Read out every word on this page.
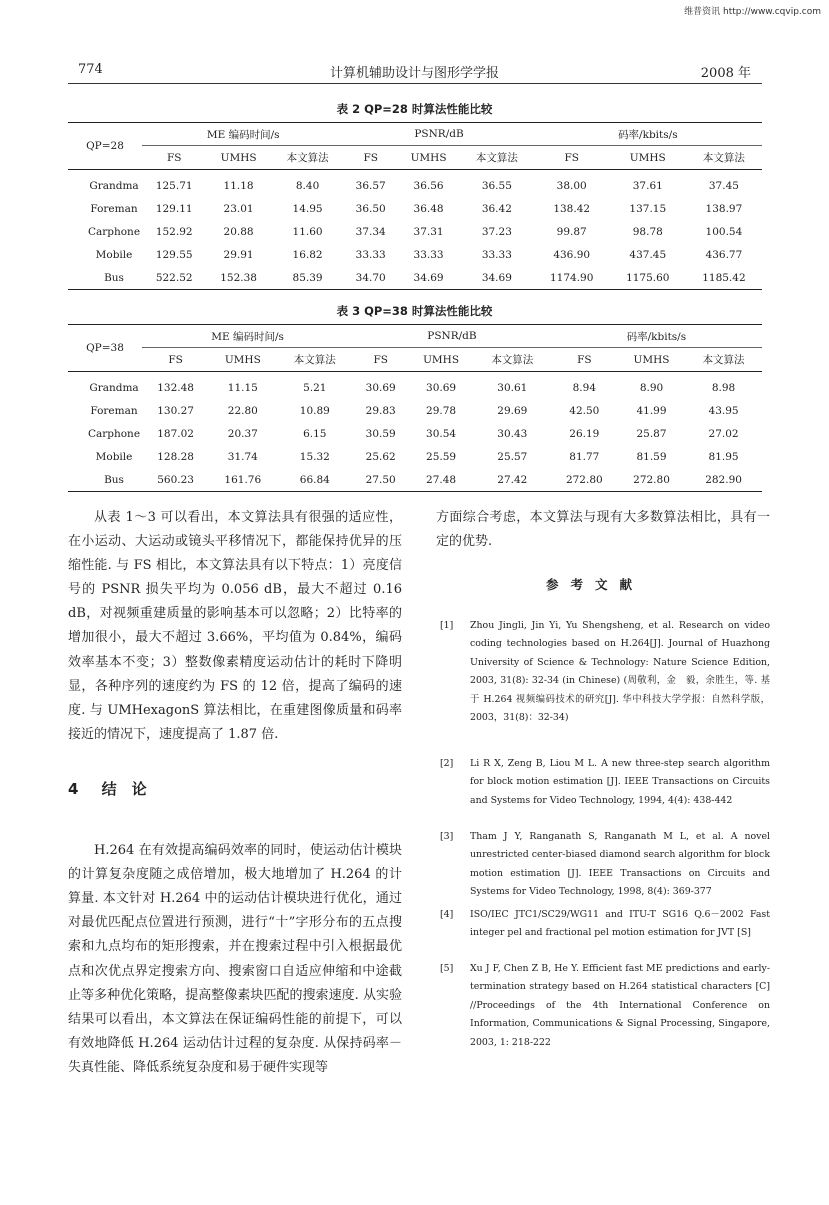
维普资讯 http://www.cqvip.com
774	计算机辅助设计与图形学学报	2008 年
表 2 QP=28 时算法性能比较
QP=28	ME 编码时间/s			PSNR/dB			码率/kbits/s		
	FS	UMHS	本文算法	FS	UMHS	本文算法	FS	UMHS	本文算法
Grandma	125.71	11.18	8.40	36.57	36.56	36.55	38.00	37.61	37.45
Foreman	129.11	23.01	14.95	36.50	36.48	36.42	138.42	137.15	138.97
Carphone	152.92	20.88	11.60	37.34	37.31	37.23	99.87	98.78	100.54
Mobile	129.55	29.91	16.82	33.33	33.33	33.33	436.90	437.45	436.77
Bus	522.52	152.38	85.39	34.70	34.69	34.69	1174.90	1175.60	1185.42
表 3 QP=38 时算法性能比较
QP=38	ME 编码时间/s			PSNR/dB			码率/kbits/s		
	FS	UMHS	本文算法	FS	UMHS	本文算法	FS	UMHS	本文算法
Grandma	132.48	11.15	5.21	30.69	30.69	30.61	8.94	8.90	8.98
Foreman	130.27	22.80	10.89	29.83	29.78	29.69	42.50	41.99	43.95
Carphone	187.02	20.37	6.15	30.59	30.54	30.43	26.19	25.87	27.02
Mobile	128.28	31.74	15.32	25.62	25.59	25.57	81.77	81.59	81.95
Bus	560.23	161.76	66.84	27.50	27.48	27.42	272.80	272.80	282.90

从表 1～3 可以看出，本文算法具有很强的适应性，在小运动、大运动或镜头平移情况下，都能保持优异的压缩性能. 与 FS 相比，本文算法具有以下特点：1）亮度信号的 PSNR 损失平均为 0.056 dB，最大不超过 0.16 dB，对视频重建质量的影响基本可以忽略；2）比特率的增加很小，最大不超过 3.66%，平均值为 0.84%，编码效率基本不变；3）整数像素精度运动估计的耗时下降明显，各种序列的速度约为 FS 的 12 倍，提高了编码的速度. 与 UMHexagonS 算法相比，在重建图像质量和码率接近的情况下，速度提高了 1.87 倍.

4 结　论

H.264 在有效提高编码效率的同时，使运动估计模块的计算复杂度随之成倍增加，极大地增加了 H.264 的计算量. 本文针对 H.264 中的运动估计模块进行优化，通过对最优匹配点位置进行预测，进行“十”字形分布的五点搜索和九点均布的矩形搜索，并在搜索过程中引入根据最优点和次优点界定搜索方向、搜索窗口自适应伸缩和中途截止等多种优化策略，提高整像素块匹配的搜索速度. 从实验结果可以看出，本文算法在保证编码性能的前提下，可以有效地降低 H.264 运动估计过程的复杂度. 从保持码率－失真性能、降低系统复杂度和易于硬件实现等

方面综合考虑，本文算法与现有大多数算法相比，具有一定的优势.

参考文献
[1] Zhou Jingli, Jin Yi, Yu Shengsheng, et al. Research on video coding technologies based on H.264[J]. Journal of Huazhong University of Science & Technology: Nature Science Edition, 2003, 31(8): 32-34 (in Chinese) (周敬利，金　毅，余胜生，等. 基于 H.264 视频编码技术的研究[J]. 华中科技大学学报：自然科学版，2003，31(8)：32-34)
[2] Li R X, Zeng B, Liou M L. A new three-step search algorithm for block motion estimation [J]. IEEE Transactions on Circuits and Systems for Video Technology, 1994, 4(4): 438-442
[3] Tham J Y, Ranganath S, Ranganath M L, et al. A novel unrestricted center-biased diamond search algorithm for block motion estimation [J]. IEEE Transactions on Circuits and Systems for Video Technology, 1998, 8(4): 369-377
[4] ISO/IEC JTC1/SC29/WG11 and ITU-T SG16 Q.6－2002 Fast integer pel and fractional pel motion estimation for JVT [S]
[5] Xu J F, Chen Z B, He Y. Efficient fast ME predictions and early-termination strategy based on H.264 statistical characters [C] //Proceedings of the 4th International Conference on Information, Communications & Signal Processing, Singapore, 2003, 1: 218-222
